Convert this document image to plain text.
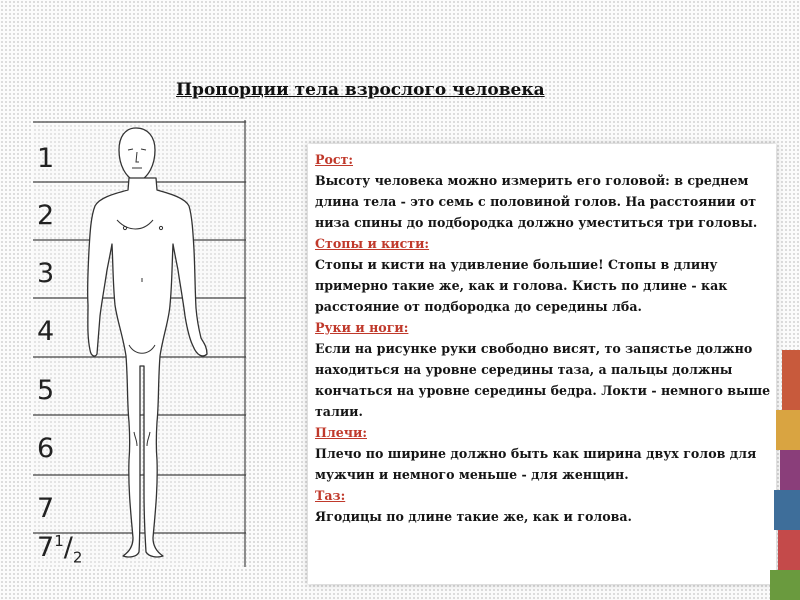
Пропорции тела взрослого человека
1
2
3
4
5
6
7
$7^1/_2$
Рост:
Высоту человека можно измерить его головой: в среднем длина тела - это семь с половиной голов. На расстоянии от низа спины до подбородка должно уместиться три головы.
Стопы и кисти:
Стопы и кисти на удивление большие! Стопы в длину примерно такие же, как и голова. Кисть по длине - как расстояние от подбородка до середины лба.
Руки и ноги:
Если на рисунке руки свободно висят, то запястье должно находиться на уровне середины таза, а пальцы должны кончаться на уровне середины бедра. Локти - немного выше талии.
Плечи:
Плечо по ширине должно быть как ширина двух голов для мужчин и немного меньше - для женщин.
Таз:
Ягодицы по длине такие же, как и голова.
